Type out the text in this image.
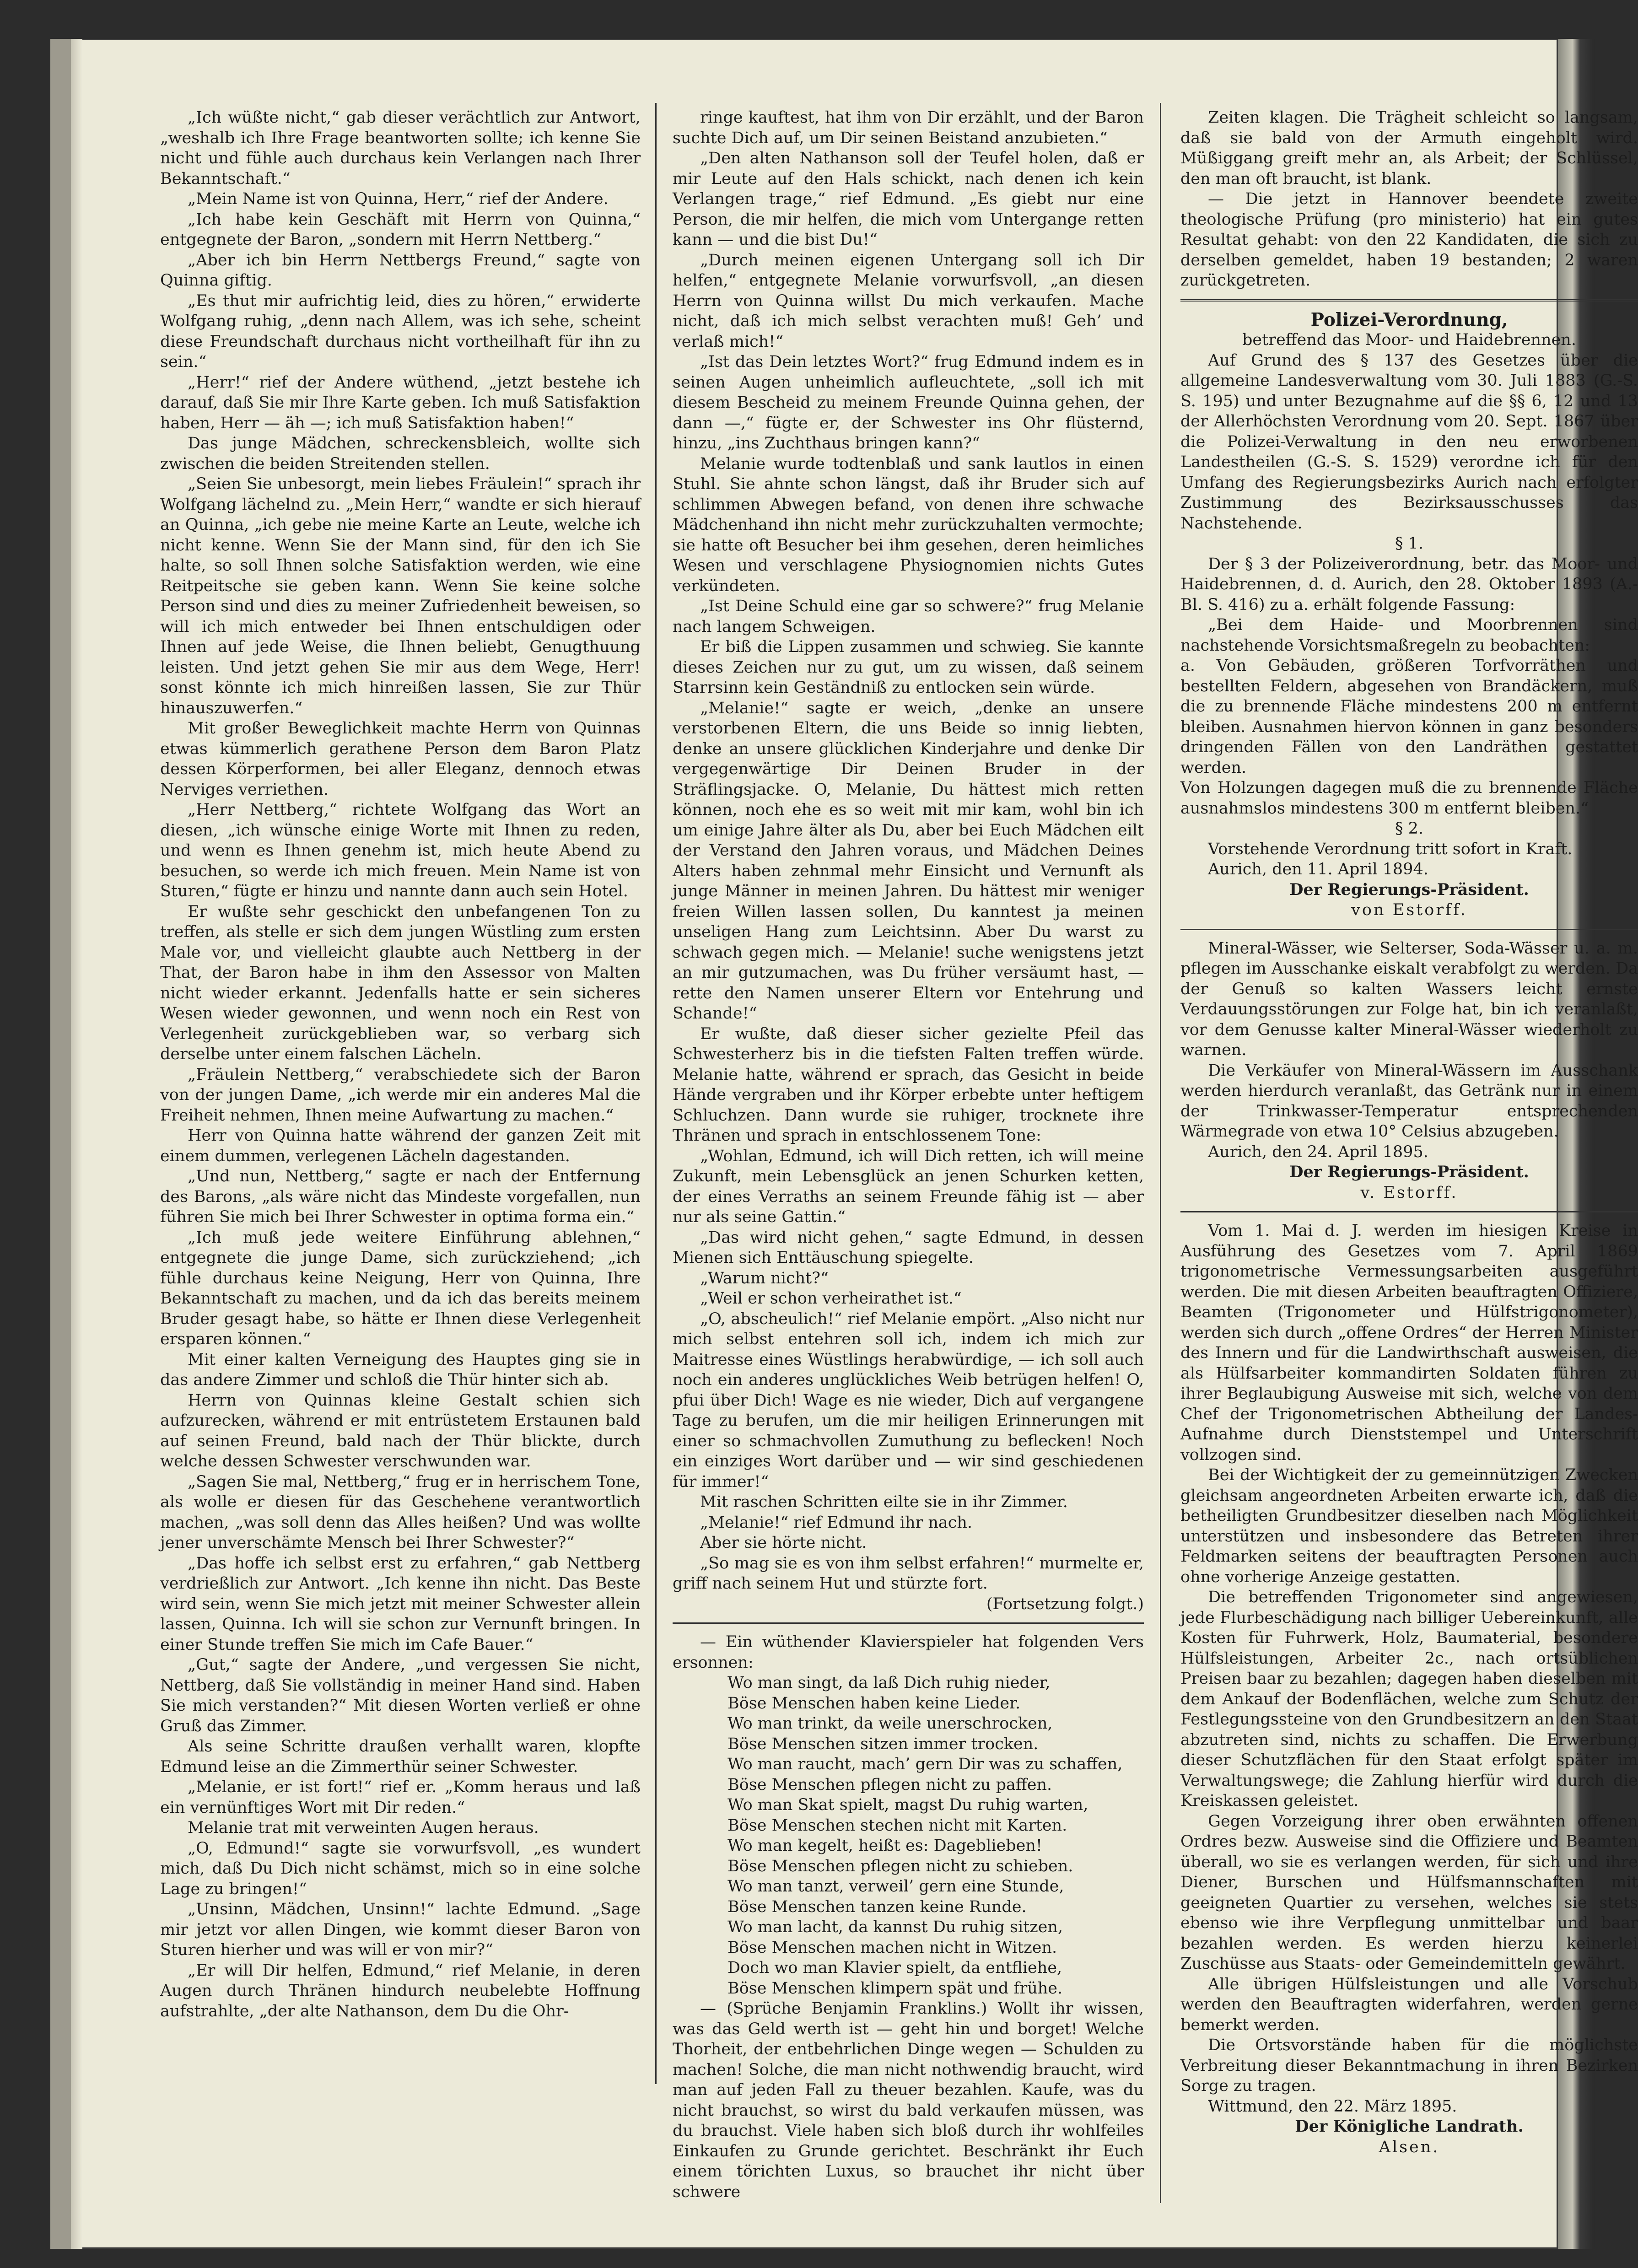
„Ich wüßte nicht,“ gab dieser verächtlich zur Antwort, „weshalb ich Ihre Frage beantworten sollte; ich kenne Sie nicht und fühle auch durchaus kein Verlangen nach Ihrer Bekanntschaft.“

„Mein Name ist von Quinna, Herr,“ rief der Andere.

„Ich habe kein Geschäft mit Herrn von Quinna,“ entgegnete der Baron, „sondern mit Herrn Nettberg.“

„Aber ich bin Herrn Nettbergs Freund,“ sagte von Quinna giftig.

„Es thut mir aufrichtig leid, dies zu hören,“ erwiderte Wolfgang ruhig, „denn nach Allem, was ich sehe, scheint diese Freundschaft durchaus nicht vortheilhaft für ihn zu sein.“

„Herr!“ rief der Andere wüthend, „jetzt bestehe ich darauf, daß Sie mir Ihre Karte geben. Ich muß Satisfaktion haben, Herr — äh —; ich muß Satisfaktion haben!“

Das junge Mädchen, schreckensbleich, wollte sich zwischen die beiden Streitenden stellen.

„Seien Sie unbesorgt, mein liebes Fräulein!“ sprach ihr Wolfgang lächelnd zu. „Mein Herr,“ wandte er sich hierauf an Quinna, „ich gebe nie meine Karte an Leute, welche ich nicht kenne. Wenn Sie der Mann sind, für den ich Sie halte, so soll Ihnen solche Satisfaktion werden, wie eine Reitpeitsche sie geben kann. Wenn Sie keine solche Person sind und dies zu meiner Zufriedenheit beweisen, so will ich mich entweder bei Ihnen entschuldigen oder Ihnen auf jede Weise, die Ihnen beliebt, Genugthuung leisten. Und jetzt gehen Sie mir aus dem Wege, Herr! sonst könnte ich mich hinreißen lassen, Sie zur Thür hinauszuwerfen.“

Mit großer Beweglichkeit machte Herrn von Quinnas etwas kümmerlich gerathene Person dem Baron Platz dessen Körperformen, bei aller Eleganz, dennoch etwas Nerviges verriethen.

„Herr Nettberg,“ richtete Wolfgang das Wort an diesen, „ich wünsche einige Worte mit Ihnen zu reden, und wenn es Ihnen genehm ist, mich heute Abend zu besuchen, so werde ich mich freuen. Mein Name ist von Sturen,“ fügte er hinzu und nannte dann auch sein Hotel.

Er wußte sehr geschickt den unbefangenen Ton zu treffen, als stelle er sich dem jungen Wüstling zum ersten Male vor, und vielleicht glaubte auch Nettberg in der That, der Baron habe in ihm den Assessor von Malten nicht wieder erkannt. Jedenfalls hatte er sein sicheres Wesen wieder gewonnen, und wenn noch ein Rest von Verlegenheit zurückgeblieben war, so verbarg sich derselbe unter einem falschen Lächeln.

„Fräulein Nettberg,“ verabschiedete sich der Baron von der jungen Dame, „ich werde mir ein anderes Mal die Freiheit nehmen, Ihnen meine Aufwartung zu machen.“

Herr von Quinna hatte während der ganzen Zeit mit einem dummen, verlegenen Lächeln dagestanden.

„Und nun, Nettberg,“ sagte er nach der Entfernung des Barons, „als wäre nicht das Mindeste vorgefallen, nun führen Sie mich bei Ihrer Schwester in optima forma ein.“

„Ich muß jede weitere Einführung ablehnen,“ entgegnete die junge Dame, sich zurückziehend; „ich fühle durchaus keine Neigung, Herr von Quinna, Ihre Bekanntschaft zu machen, und da ich das bereits meinem Bruder gesagt habe, so hätte er Ihnen diese Verlegenheit ersparen können.“

Mit einer kalten Verneigung des Hauptes ging sie in das andere Zimmer und schloß die Thür hinter sich ab.

Herrn von Quinnas kleine Gestalt schien sich aufzurecken, während er mit entrüstetem Erstaunen bald auf seinen Freund, bald nach der Thür blickte, durch welche dessen Schwester verschwunden war.

„Sagen Sie mal, Nettberg,“ frug er in herrischem Tone, als wolle er diesen für das Geschehene verantwortlich machen, „was soll denn das Alles heißen? Und was wollte jener unverschämte Mensch bei Ihrer Schwester?“

„Das hoffe ich selbst erst zu erfahren,“ gab Nettberg verdrießlich zur Antwort. „Ich kenne ihn nicht. Das Beste wird sein, wenn Sie mich jetzt mit meiner Schwester allein lassen, Quinna. Ich will sie schon zur Vernunft bringen. In einer Stunde treffen Sie mich im Cafe Bauer.“

„Gut,“ sagte der Andere, „und vergessen Sie nicht, Nettberg, daß Sie vollständig in meiner Hand sind. Haben Sie mich verstanden?“ Mit diesen Worten verließ er ohne Gruß das Zimmer.

Als seine Schritte draußen verhallt waren, klopfte Edmund leise an die Zimmerthür seiner Schwester.

„Melanie, er ist fort!“ rief er. „Komm heraus und laß ein vernünftiges Wort mit Dir reden.“

Melanie trat mit verweinten Augen heraus.

„O, Edmund!“ sagte sie vorwurfsvoll, „es wundert mich, daß Du Dich nicht schämst, mich so in eine solche Lage zu bringen!“

„Unsinn, Mädchen, Unsinn!“ lachte Edmund. „Sage mir jetzt vor allen Dingen, wie kommt dieser Baron von Sturen hierher und was will er von mir?“

„Er will Dir helfen, Edmund,“ rief Melanie, in deren Augen durch Thränen hindurch neubelebte Hoffnung aufstrahlte, „der alte Nathanson, dem Du die Ohr-

ringe kauftest, hat ihm von Dir erzählt, und der Baron suchte Dich auf, um Dir seinen Beistand anzubieten.“

„Den alten Nathanson soll der Teufel holen, daß er mir Leute auf den Hals schickt, nach denen ich kein Verlangen trage,“ rief Edmund. „Es giebt nur eine Person, die mir helfen, die mich vom Untergange retten kann — und die bist Du!“

„Durch meinen eigenen Untergang soll ich Dir helfen,“ entgegnete Melanie vorwurfsvoll, „an diesen Herrn von Quinna willst Du mich verkaufen. Mache nicht, daß ich mich selbst verachten muß! Geh’ und verlaß mich!“

„Ist das Dein letztes Wort?“ frug Edmund indem es in seinen Augen unheimlich aufleuchtete, „soll ich mit diesem Bescheid zu meinem Freunde Quinna gehen, der dann —,“ fügte er, der Schwester ins Ohr flüsternd, hinzu, „ins Zuchthaus bringen kann?“

Melanie wurde todtenblaß und sank lautlos in einen Stuhl. Sie ahnte schon längst, daß ihr Bruder sich auf schlimmen Abwegen befand, von denen ihre schwache Mädchenhand ihn nicht mehr zurückzuhalten vermochte; sie hatte oft Besucher bei ihm gesehen, deren heimliches Wesen und verschlagene Physiognomien nichts Gutes verkündeten.

„Ist Deine Schuld eine gar so schwere?“ frug Melanie nach langem Schweigen.

Er biß die Lippen zusammen und schwieg. Sie kannte dieses Zeichen nur zu gut, um zu wissen, daß seinem Starrsinn kein Geständniß zu entlocken sein würde.

„Melanie!“ sagte er weich, „denke an unsere verstorbenen Eltern, die uns Beide so innig liebten, denke an unsere glücklichen Kinderjahre und denke Dir vergegenwärtige Dir Deinen Bruder in der Sträflingsjacke. O, Melanie, Du hättest mich retten können, noch ehe es so weit mit mir kam, wohl bin ich um einige Jahre älter als Du, aber bei Euch Mädchen eilt der Verstand den Jahren voraus, und Mädchen Deines Alters haben zehnmal mehr Einsicht und Vernunft als junge Männer in meinen Jahren. Du hättest mir weniger freien Willen lassen sollen, Du kanntest ja meinen unseligen Hang zum Leichtsinn. Aber Du warst zu schwach gegen mich. — Melanie! suche wenigstens jetzt an mir gutzumachen, was Du früher versäumt hast, — rette den Namen unserer Eltern vor Entehrung und Schande!“

Er wußte, daß dieser sicher gezielte Pfeil das Schwesterherz bis in die tiefsten Falten treffen würde. Melanie hatte, während er sprach, das Gesicht in beide Hände vergraben und ihr Körper erbebte unter heftigem Schluchzen. Dann wurde sie ruhiger, trocknete ihre Thränen und sprach in entschlossenem Tone:

„Wohlan, Edmund, ich will Dich retten, ich will meine Zukunft, mein Lebensglück an jenen Schurken ketten, der eines Verraths an seinem Freunde fähig ist — aber nur als seine Gattin.“

„Das wird nicht gehen,“ sagte Edmund, in dessen Mienen sich Enttäuschung spiegelte.

„Warum nicht?“

„Weil er schon verheirathet ist.“

„O, abscheulich!“ rief Melanie empört. „Also nicht nur mich selbst entehren soll ich, indem ich mich zur Maitresse eines Wüstlings herabwürdige, — ich soll auch noch ein anderes unglückliches Weib betrügen helfen! O, pfui über Dich! Wage es nie wieder, Dich auf vergangene Tage zu berufen, um die mir heiligen Erinnerungen mit einer so schmachvollen Zumuthung zu beflecken! Noch ein einziges Wort darüber und — wir sind geschiedenen für immer!“

Mit raschen Schritten eilte sie in ihr Zimmer.

„Melanie!“ rief Edmund ihr nach.

Aber sie hörte nicht.

„So mag sie es von ihm selbst erfahren!“ murmelte er, griff nach seinem Hut und stürzte fort.

(Fortsetzung folgt.)

— Ein wüthender Klavierspieler hat folgenden Vers ersonnen:

Wo man singt, da laß Dich ruhig nieder,

Böse Menschen haben keine Lieder.

Wo man trinkt, da weile unerschrocken,

Böse Menschen sitzen immer trocken.

Wo man raucht, mach’ gern Dir was zu schaffen,

Böse Menschen pflegen nicht zu paffen.

Wo man Skat spielt, magst Du ruhig warten,

Böse Menschen stechen nicht mit Karten.

Wo man kegelt, heißt es: Dageblieben!

Böse Menschen pflegen nicht zu schieben.

Wo man tanzt, verweil’ gern eine Stunde,

Böse Menschen tanzen keine Runde.

Wo man lacht, da kannst Du ruhig sitzen,

Böse Menschen machen nicht in Witzen.

Doch wo man Klavier spielt, da entfliehe,

Böse Menschen klimpern spät und frühe.

— (Sprüche Benjamin Franklins.) Wollt ihr wissen, was das Geld werth ist — geht hin und borget! Welche Thorheit, der entbehrlichen Dinge wegen — Schulden zu machen! Solche, die man nicht nothwendig braucht, wird man auf jeden Fall zu theuer bezahlen. Kaufe, was du nicht brauchst, so wirst du bald verkaufen müssen, was du brauchst. Viele haben sich bloß durch ihr wohlfeiles Einkaufen zu Grunde gerichtet. Beschränkt ihr Euch einem törichten Luxus, so brauchet ihr nicht über schwere

Zeiten klagen. Die Trägheit schleicht so langsam, daß sie bald von der Armuth eingeholt wird. Müßiggang greift mehr an, als Arbeit; der Schlüssel, den man oft braucht, ist blank.

— Die jetzt in Hannover beendete zweite theologische Prüfung (pro ministerio) hat ein gutes Resultat gehabt: von den 22 Kandidaten, die sich zu derselben gemeldet, haben 19 bestanden; 2 waren zurückgetreten.

Polizei-Verordnung,

betreffend das Moor- und Haidebrennen.

Auf Grund des § 137 des Gesetzes über die allgemeine Landesverwaltung vom 30. Juli 1883 (G.-S. S. 195) und unter Bezugnahme auf die §§ 6, 12 und 13 der Allerhöchsten Verordnung vom 20. Sept. 1867 über die Polizei-Verwaltung in den neu erworbenen Landestheilen (G.-S. S. 1529) verordne ich für den Umfang des Regierungsbezirks Aurich nach erfolgter Zustimmung des Bezirksausschusses das Nachstehende.

§ 1.

Der § 3 der Polizeiverordnung, betr. das Moor- und Haidebrennen, d. d. Aurich, den 28. Oktober 1893 (A.-Bl. S. 416) zu a. erhält folgende Fassung:

„Bei dem Haide- und Moorbrennen sind nachstehende Vorsichtsmaßregeln zu beobachten:

a. Von Gebäuden, größeren Torfvorräthen und bestellten Feldern, abgesehen von Brandäckern, muß die zu brennende Fläche mindestens 200 m entfernt bleiben. Ausnahmen hiervon können in ganz besonders dringenden Fällen von den Landräthen gestattet werden.

Von Holzungen dagegen muß die zu brennende Fläche ausnahmslos mindestens 300 m entfernt bleiben.“

§ 2.

Vorstehende Verordnung tritt sofort in Kraft.

Aurich, den 11. April 1894.

Der Regierungs-Präsident.

von Estorff.

Mineral-Wässer, wie Selterser, Soda-Wässer u. a. m. pflegen im Ausschanke eiskalt verabfolgt zu werden. Da der Genuß so kalten Wassers leicht ernste Verdauungsstörungen zur Folge hat, bin ich veranlaßt, vor dem Genusse kalter Mineral-Wässer wiederholt zu warnen.

Die Verkäufer von Mineral-Wässern im Ausschank werden hierdurch veranlaßt, das Getränk nur in einem der Trinkwasser-Temperatur entsprechenden Wärmegrade von etwa 10° Celsius abzugeben.

Aurich, den 24. April 1895.

Der Regierungs-Präsident.

v. Estorff.

Vom 1. Mai d. J. werden im hiesigen Kreise in Ausführung des Gesetzes vom 7. April 1869 trigonometrische Vermessungsarbeiten ausgeführt werden. Die mit diesen Arbeiten beauftragten Offiziere, Beamten (Trigonometer und Hülfstrigonometer), werden sich durch „offene Ordres“ der Herren Minister des Innern und für die Landwirthschaft ausweisen, die als Hülfsarbeiter kommandirten Soldaten führen zu ihrer Beglaubigung Ausweise mit sich, welche von dem Chef der Trigonometrischen Abtheilung der Landes-Aufnahme durch Dienststempel und Unterschrift vollzogen sind.

Bei der Wichtigkeit der zu gemeinnützigen Zwecken gleichsam angeordneten Arbeiten erwarte ich, daß die betheiligten Grundbesitzer dieselben nach Möglichkeit unterstützen und insbesondere das Betreten ihrer Feldmarken seitens der beauftragten Personen auch ohne vorherige Anzeige gestatten.

Die betreffenden Trigonometer sind angewiesen, jede Flurbeschädigung nach billiger Uebereinkunft, alle Kosten für Fuhrwerk, Holz, Baumaterial, besondere Hülfsleistungen, Arbeiter 2c., nach ortsüblichen Preisen baar zu bezahlen; dagegen haben dieselben mit dem Ankauf der Bodenflächen, welche zum Schutz der Festlegungssteine von den Grundbesitzern an den Staat abzutreten sind, nichts zu schaffen. Die Erwerbung dieser Schutzflächen für den Staat erfolgt später im Verwaltungswege; die Zahlung hierfür wird durch die Kreiskassen geleistet.

Gegen Vorzeigung ihrer oben erwähnten offenen Ordres bezw. Ausweise sind die Offiziere und Beamten überall, wo sie es verlangen werden, für sich und ihre Diener, Burschen und Hülfsmannschaften mit geeigneten Quartier zu versehen, welches sie stets ebenso wie ihre Verpflegung unmittelbar und baar bezahlen werden. Es werden hierzu keinerlei Zuschüsse aus Staats- oder Gemeindemitteln gewährt.

Alle übrigen Hülfsleistungen und alle Vorschub werden den Beauftragten widerfahren, werden gerne bemerkt werden.

Die Ortsvorstände haben für die möglichste Verbreitung dieser Bekanntmachung in ihren Bezirken Sorge zu tragen.

Wittmund, den 22. März 1895.

Der Königliche Landrath.

Alsen.
